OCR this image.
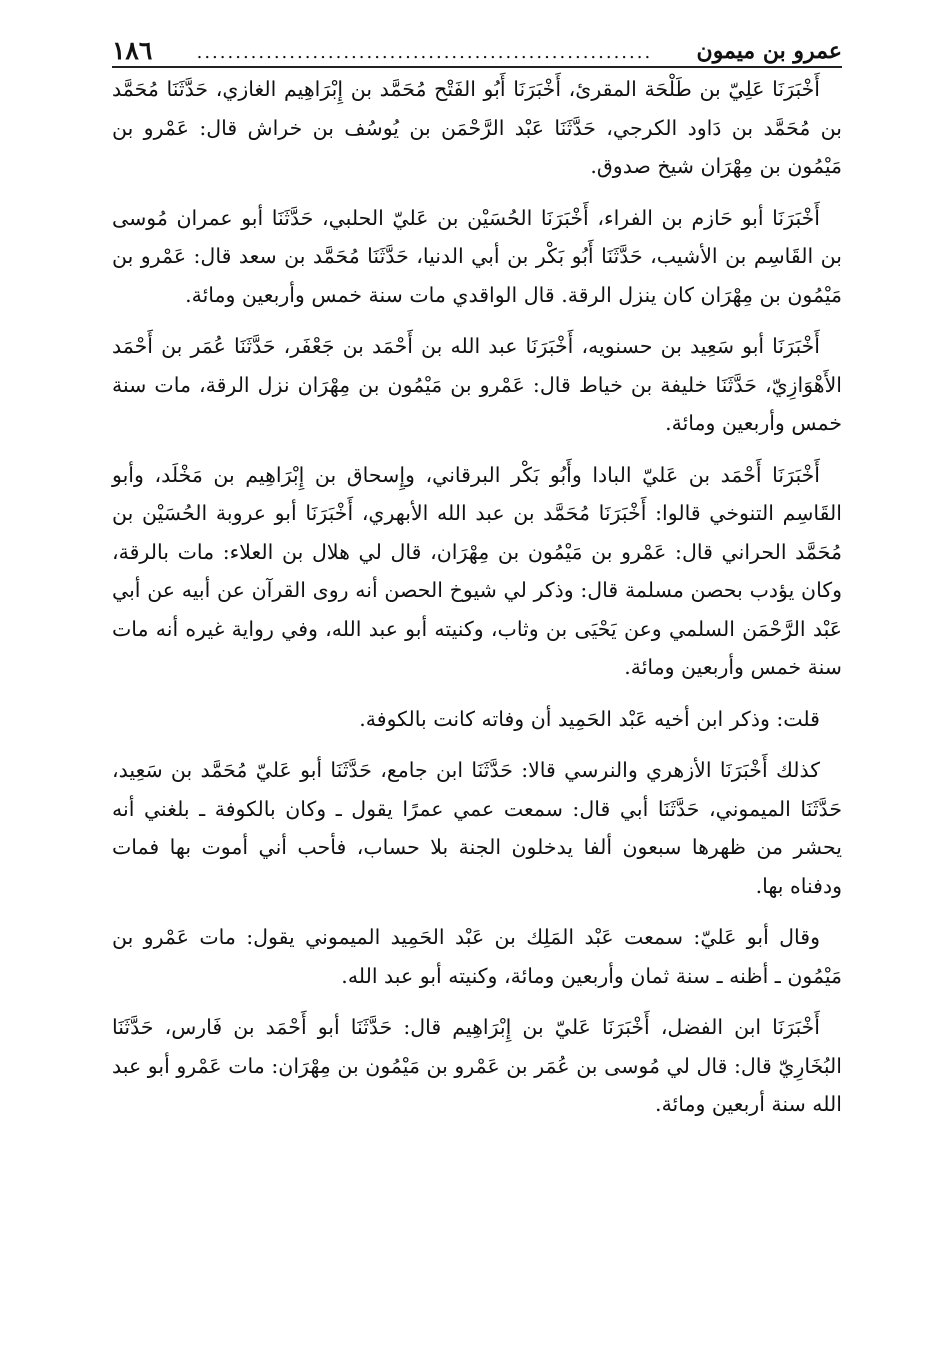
١٨٦	...........................................................	عمرو بن ميمون

أَخْبَرَنَا عَلِيّ بن طَلْحَة المقرئ، أَخْبَرَنَا أَبُو الفَتْح مُحَمَّد بن إِبْرَاهِيم الغازي، حَدَّثَنَا مُحَمَّد بن مُحَمَّد بن دَاود الكرجي، حَدَّثَنَا عَبْد الرَّحْمَن بن يُوسُف بن خراش قال: عَمْرو بن مَيْمُون بن مِهْرَان شيخ صدوق.

أَخْبَرَنَا أبو حَازم بن الفراء، أَخْبَرَنَا الحُسَيْن بن عَليّ الحلبي، حَدَّثَنَا أبو عمران مُوسى بن القَاسِم بن الأشيب، حَدَّثَنَا أَبُو بَكْر بن أبي الدنيا، حَدَّثَنَا مُحَمَّد بن سعد قال: عَمْرو بن مَيْمُون بن مِهْرَان كان ينزل الرقة. قال الواقدي مات سنة خمس وأربعين ومائة.

أَخْبَرَنَا أبو سَعِيد بن حسنويه، أَخْبَرَنَا عبد الله بن أَحْمَد بن جَعْفَر، حَدَّثَنَا عُمَر بن أَحْمَد الأَهْوَازِيّ، حَدَّثَنَا خليفة بن خياط قال: عَمْرو بن مَيْمُون بن مِهْرَان نزل الرقة، مات سنة خمس وأربعين ومائة.

أَخْبَرَنَا أَحْمَد بن عَليّ البادا وأَبُو بَكْر البرقاني، وإِسحاق بن إِبْرَاهِيم بن مَخْلَد، وأبو القَاسِم التنوخي قالوا: أَخْبَرَنَا مُحَمَّد بن عبد الله الأبهري، أَخْبَرَنَا أبو عروبة الحُسَيْن بن مُحَمَّد الحراني قال: عَمْرو بن مَيْمُون بن مِهْرَان، قال لي هلال بن العلاء: مات بالرقة، وكان يؤدب بحصن مسلمة قال: وذكر لي شيوخ الحصن أنه روى القرآن عن أبيه عن أبي عَبْد الرَّحْمَن السلمي وعن يَحْيَى بن وثاب، وكنيته أبو عبد الله، وفي رواية غيره أنه مات سنة خمس وأربعين ومائة.

قلت: وذكر ابن أخيه عَبْد الحَمِيد أن وفاته كانت بالكوفة.

كذلك أَخْبَرَنَا الأزهري والنرسي قالا: حَدَّثَنَا ابن جامع، حَدَّثَنَا أبو عَليّ مُحَمَّد بن سَعِيد، حَدَّثَنَا الميموني، حَدَّثَنَا أبي قال: سمعت عمي عمرًا يقول ـ وكان بالكوفة ـ بلغني أنه يحشر من ظهرها سبعون ألفا يدخلون الجنة بلا حساب، فأحب أني أموت بها فمات ودفناه بها.

وقال أبو عَليّ: سمعت عَبْد المَلِك بن عَبْد الحَمِيد الميموني يقول: مات عَمْرو بن مَيْمُون ـ أظنه ـ سنة ثمان وأربعين ومائة، وكنيته أبو عبد الله.

أَخْبَرَنَا ابن الفضل، أَخْبَرَنَا عَليّ بن إِبْرَاهِيم قال: حَدَّثَنَا أبو أَحْمَد بن فَارس، حَدَّثَنَا البُخَارِيّ قال: قال لي مُوسى بن عُمَر بن عَمْرو بن مَيْمُون بن مِهْرَان: مات عَمْرو أبو عبد الله سنة أربعين ومائة.
